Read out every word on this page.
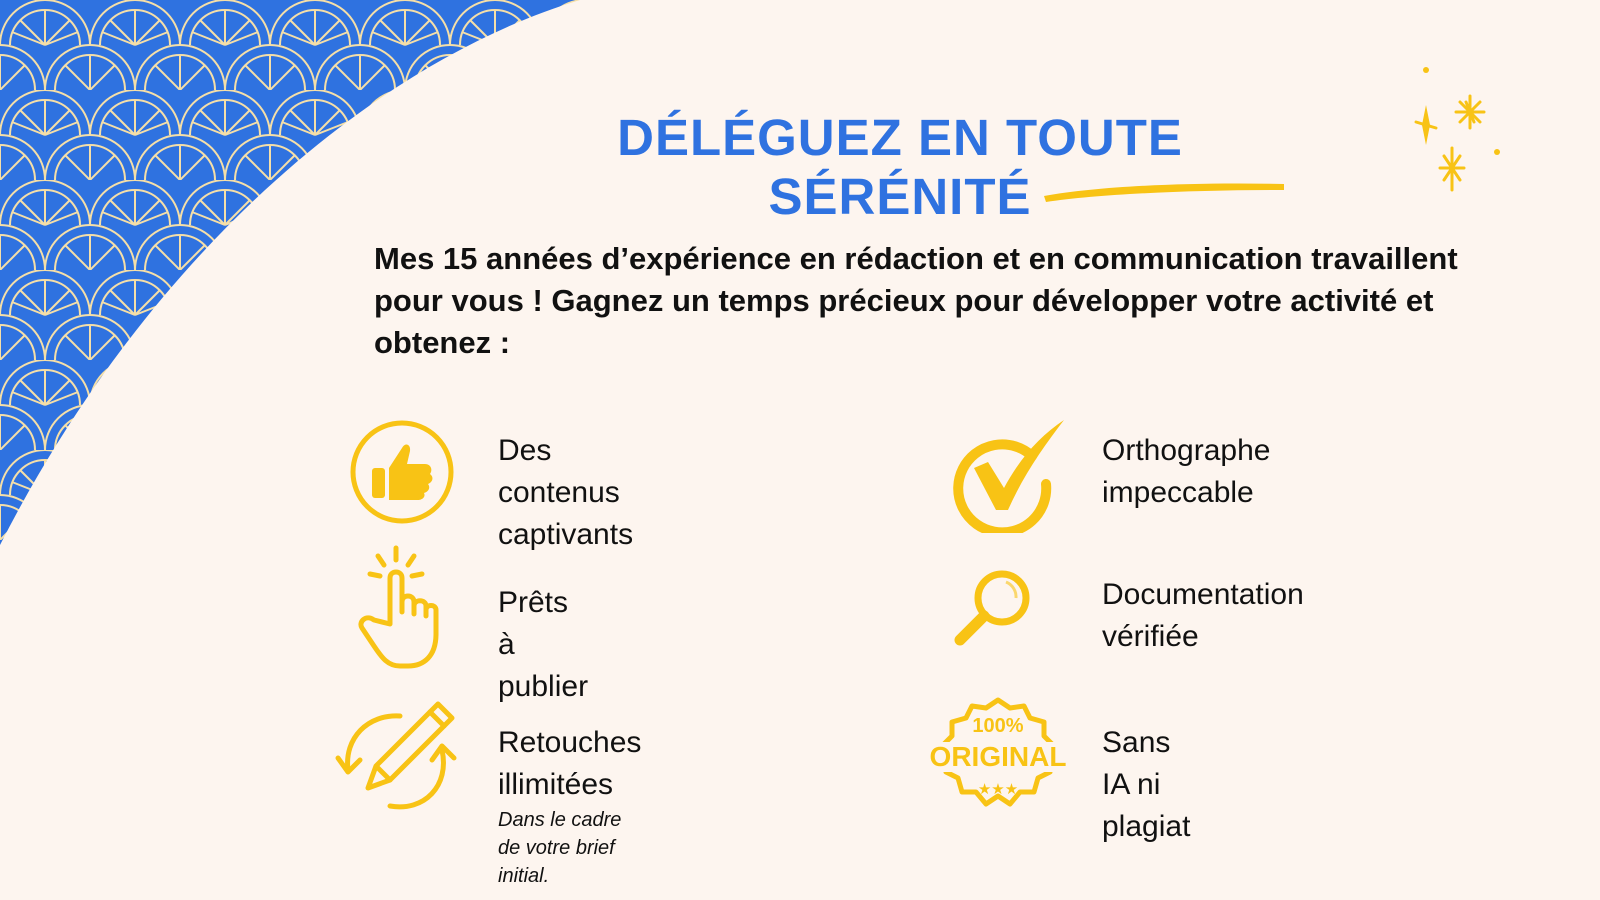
DÉLÉGUEZ EN TOUTE SÉRÉNITÉ

Mes 15 années d’expérience en rédaction et en communication travaillent pour vous ! Gagnez un temps précieux pour développer votre activité et obtenez :

Des contenus
captivants
Prêts à publier
Retouches illimitées
Dans le cadre de votre brief initial.
Orthographe
impeccable
Documentation
vérifiée
100%
ORIGINAL
★★★
Sans IA ni plagiat
